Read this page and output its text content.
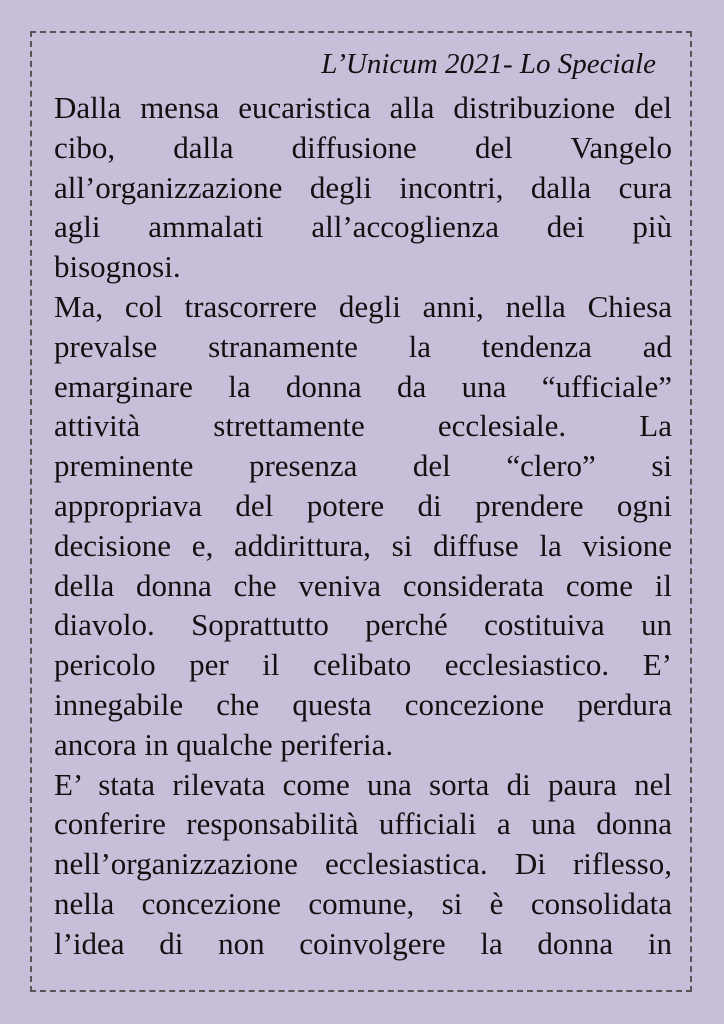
L’Unicum 2021- Lo Speciale
Dalla mensa eucaristica alla distribuzione del
cibo, dalla diffusione del Vangelo
all’organizzazione degli incontri, dalla cura
agli ammalati all’accoglienza dei più
bisognosi.
Ma, col trascorrere degli anni, nella Chiesa
prevalse stranamente la tendenza ad
emarginare la donna da una “ufficiale”
attività strettamente ecclesiale. La
preminente presenza del “clero” si
appropriava del potere di prendere ogni
decisione e, addirittura, si diffuse la visione
della donna che veniva considerata come il
diavolo. Soprattutto perché costituiva un
pericolo per il celibato ecclesiastico. E’
innegabile che questa concezione perdura
ancora in qualche periferia.
E’ stata rilevata come una sorta di paura nel
conferire responsabilità ufficiali a una donna
nell’organizzazione ecclesiastica. Di riflesso,
nella concezione comune, si è consolidata
l’idea di non coinvolgere la donna in
